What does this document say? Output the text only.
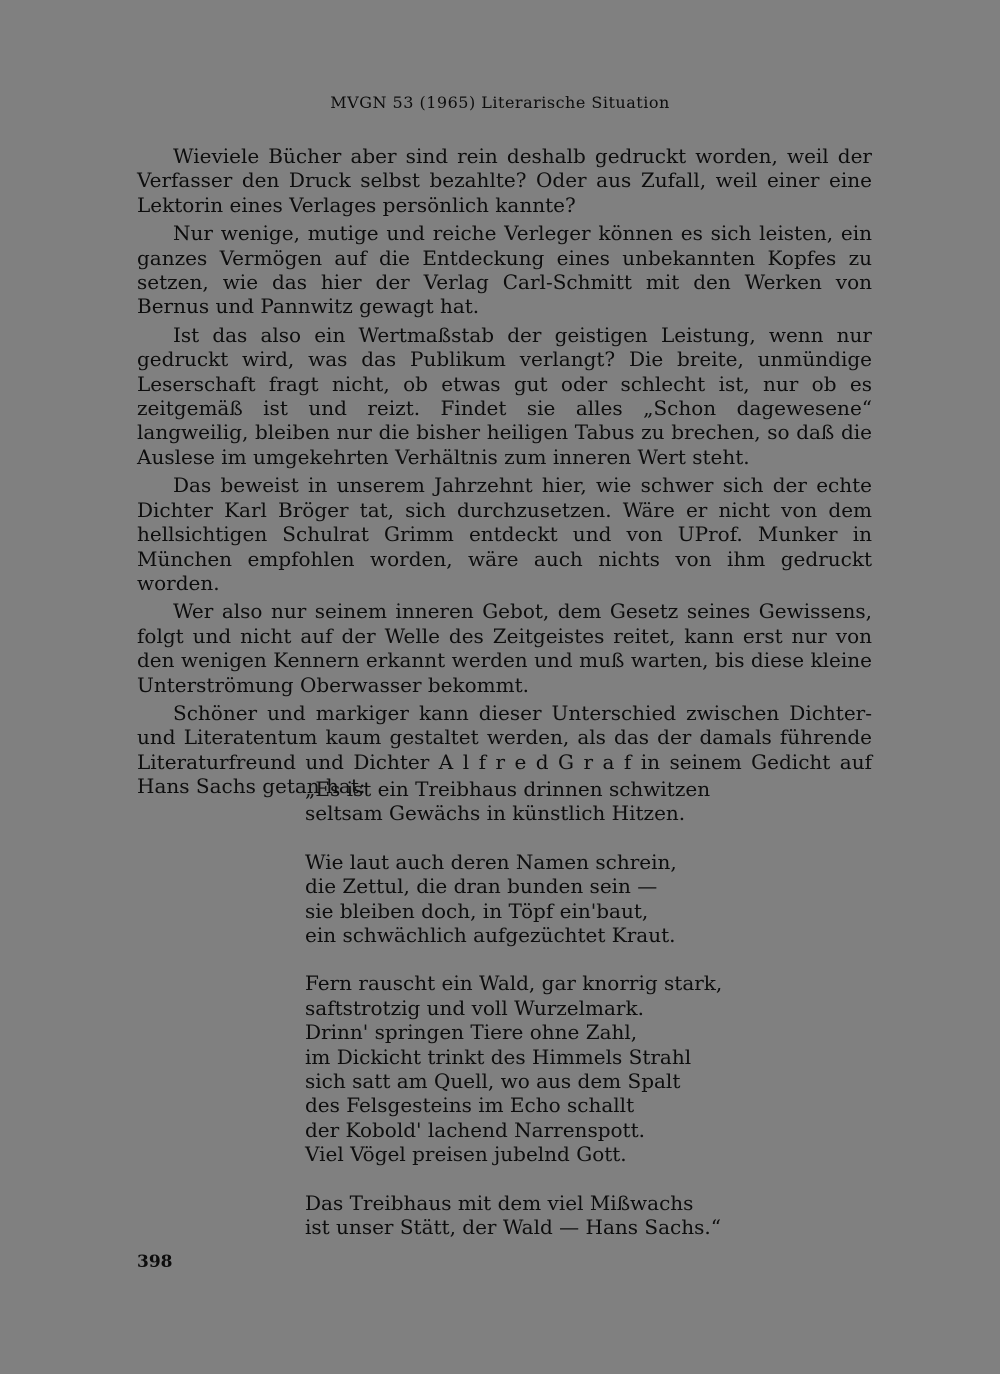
MVGN 53 (1965) Literarische Situation

Wieviele Bücher aber sind rein deshalb gedruckt worden, weil der Verfasser den Druck selbst bezahlte? Oder aus Zufall, weil einer eine Lektorin eines Verlages persönlich kannte?

Nur wenige, mutige und reiche Verleger können es sich leisten, ein ganzes Vermögen auf die Entdeckung eines unbekannten Kopfes zu setzen, wie das hier der Verlag Carl-Schmitt mit den Werken von Bernus und Pannwitz gewagt hat.

Ist das also ein Wertmaßstab der geistigen Leistung, wenn nur gedruckt wird, was das Publikum verlangt? Die breite, unmündige Leserschaft fragt nicht, ob etwas gut oder schlecht ist, nur ob es zeitgemäß ist und reizt. Findet sie alles „Schon dagewesene“ langweilig, bleiben nur die bisher heiligen Tabus zu brechen, so daß die Auslese im umgekehrten Verhältnis zum inneren Wert steht.

Das beweist in unserem Jahrzehnt hier, wie schwer sich der echte Dichter Karl Bröger tat, sich durchzusetzen. Wäre er nicht von dem hellsichtigen Schulrat Grimm entdeckt und von UProf. Munker in München empfohlen worden, wäre auch nichts von ihm gedruckt worden.

Wer also nur seinem inneren Gebot, dem Gesetz seines Gewissens, folgt und nicht auf der Welle des Zeitgeistes reitet, kann erst nur von den wenigen Kennern erkannt werden und muß warten, bis diese kleine Unterströmung Oberwasser bekommt.

Schöner und markiger kann dieser Unterschied zwischen Dichter- und Literatentum kaum gestaltet werden, als das der damals führende Literaturfreund und Dichter A l f r e d G r a f in seinem Gedicht auf Hans Sachs getan hat:

„Es ist ein Treibhaus drinnen schwitzen
seltsam Gewächs in künstlich Hitzen.
Wie laut auch deren Namen schrein,
die Zettul, die dran bunden sein —
sie bleiben doch, in Töpf ein'baut,
ein schwächlich aufgezüchtet Kraut.
Fern rauscht ein Wald, gar knorrig stark,
saftstrotzig und voll Wurzelmark.
Drinn' springen Tiere ohne Zahl,
im Dickicht trinkt des Himmels Strahl
sich satt am Quell, wo aus dem Spalt
des Felsgesteins im Echo schallt
der Kobold' lachend Narrenspott.
Viel Vögel preisen jubelnd Gott.
Das Treibhaus mit dem viel Mißwachs
ist unser Stätt, der Wald — Hans Sachs.“
398
